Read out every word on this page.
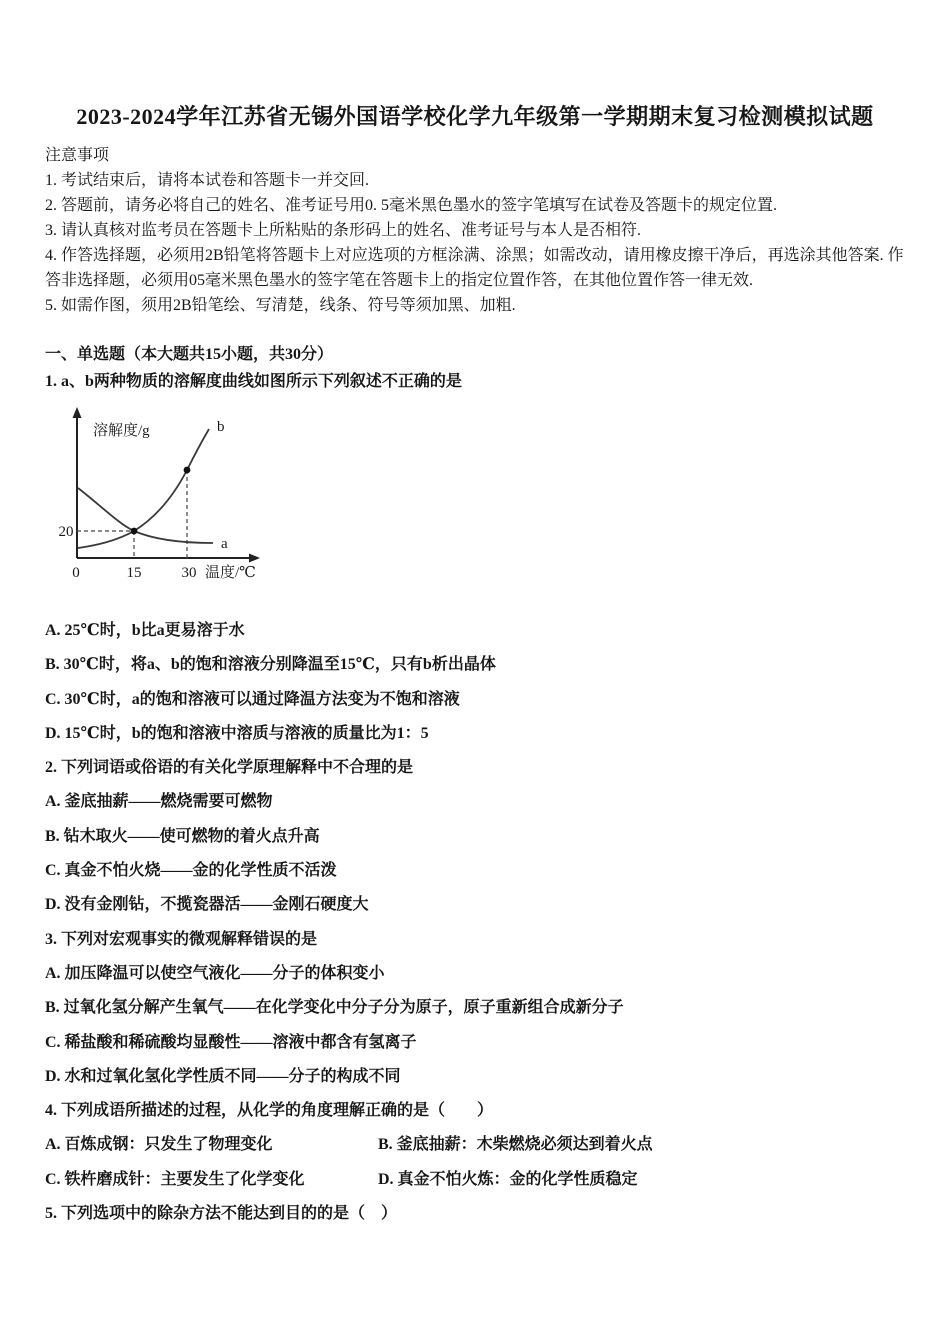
2023-2024学年江苏省无锡外国语学校化学九年级第一学期期末复习检测模拟试题
注意事项
1. 考试结束后，请将本试卷和答题卡一并交回.
2. 答题前，请务必将自己的姓名、准考证号用0. 5毫米黑色墨水的签字笔填写在试卷及答题卡的规定位置.
3. 请认真核对监考员在答题卡上所粘贴的条形码上的姓名、准考证号与本人是否相符.
4. 作答选择题，必须用2B铅笔将答题卡上对应选项的方框涂满、涂黑；如需改动，请用橡皮擦干净后，再选涂其他答案. 作答非选择题，必须用05毫米黑色墨水的签字笔在答题卡上的指定位置作答，在其他位置作答一律无效.
5. 如需作图，须用2B铅笔绘、写清楚，线条、符号等须加黑、加粗.
一、单选题（本大题共15小题，共30分）
1. a、b两种物质的溶解度曲线如图所示下列叙述不正确的是
溶解度/g
a
b
20
0	15	30 温度/℃
A. 25℃时，b比a更易溶于水
B. 30℃时，将a、b的饱和溶液分别降温至15℃，只有b析出晶体
C. 30℃时，a的饱和溶液可以通过降温方法变为不饱和溶液
D. 15℃时，b的饱和溶液中溶质与溶液的质量比为1：5
2. 下列词语或俗语的有关化学原理解释中不合理的是
A. 釜底抽薪——燃烧需要可燃物
B. 钻木取火——使可燃物的着火点升高
C. 真金不怕火烧——金的化学性质不活泼
D. 没有金刚钻，不揽瓷器活——金刚石硬度大
3. 下列对宏观事实的微观解释错误的是
A. 加压降温可以使空气液化——分子的体积变小
B. 过氧化氢分解产生氧气——在化学变化中分子分为原子，原子重新组合成新分子
C. 稀盐酸和稀硫酸均显酸性——溶液中都含有氢离子
D. 水和过氧化氢化学性质不同——分子的构成不同
4. 下列成语所描述的过程，从化学的角度理解正确的是（　　）
A. 百炼成钢：只发生了物理变化	B. 釜底抽薪：木柴燃烧必须达到着火点
C. 铁杵磨成针：主要发生了化学变化	D. 真金不怕火炼：金的化学性质稳定
5. 下列选项中的除杂方法不能达到目的的是（　）
